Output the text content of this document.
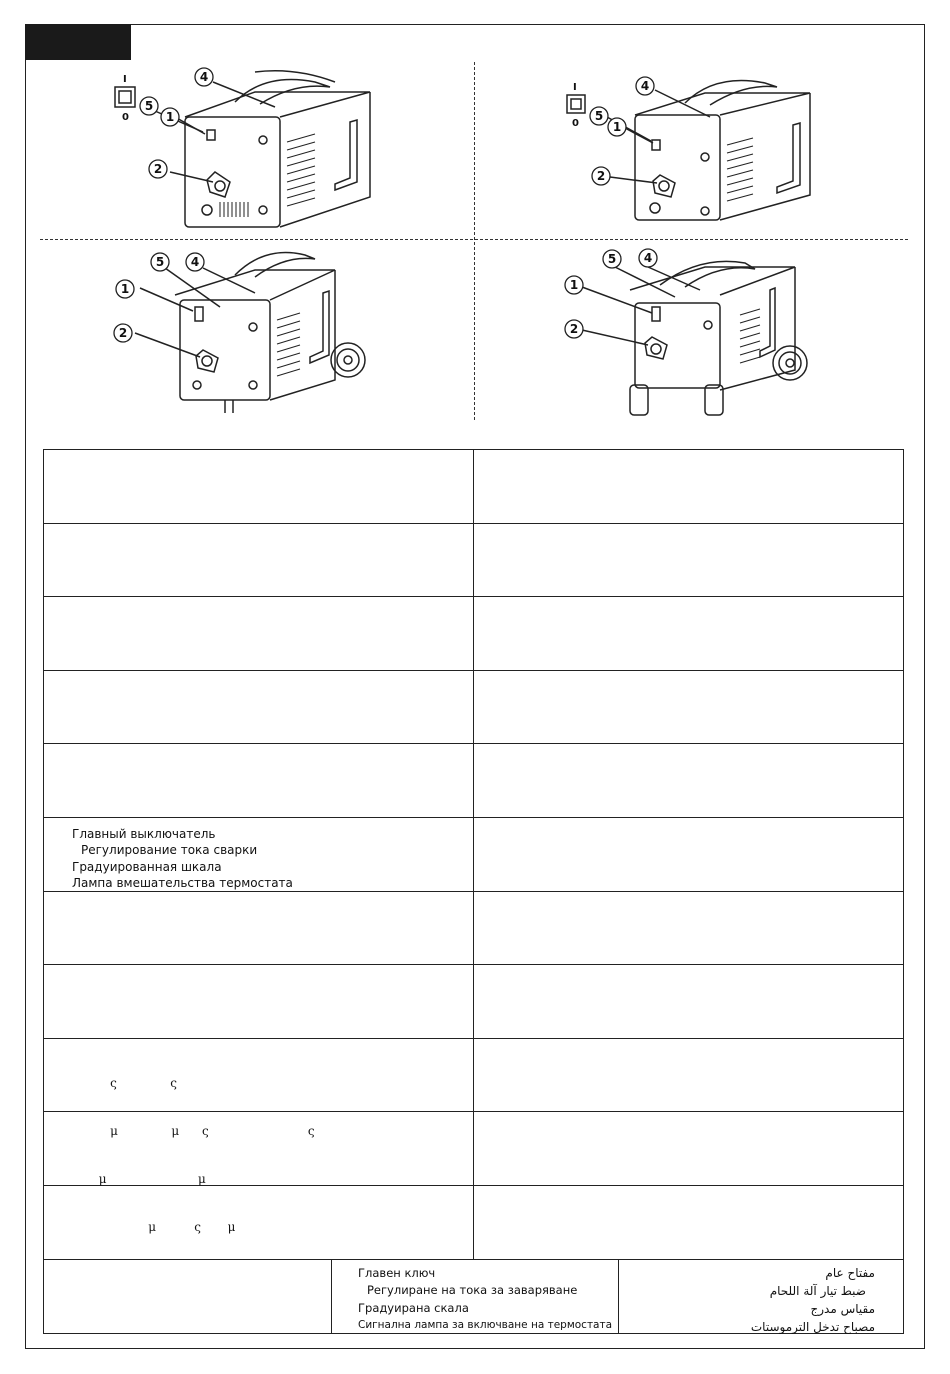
I
0
4
5
1
2
I
0
4
5
1
2
5 4
1
2
5 4
1
2
Главный выключатель
Регулирование тока сварки
Градуированная шкала
Лампа вмешательства термостата

ς              ς

μ              μ      ς                          ς

μ                        μ

μ          ς       μ

Главен ключ
Регулиране на тока за заваряване
Градуирана скала
Сигнална лампа за включване на термостата
مفتاح عام
ضبط تيار آلة اللحام
مقياس مدرج
مصباح تدخل الترموستات
